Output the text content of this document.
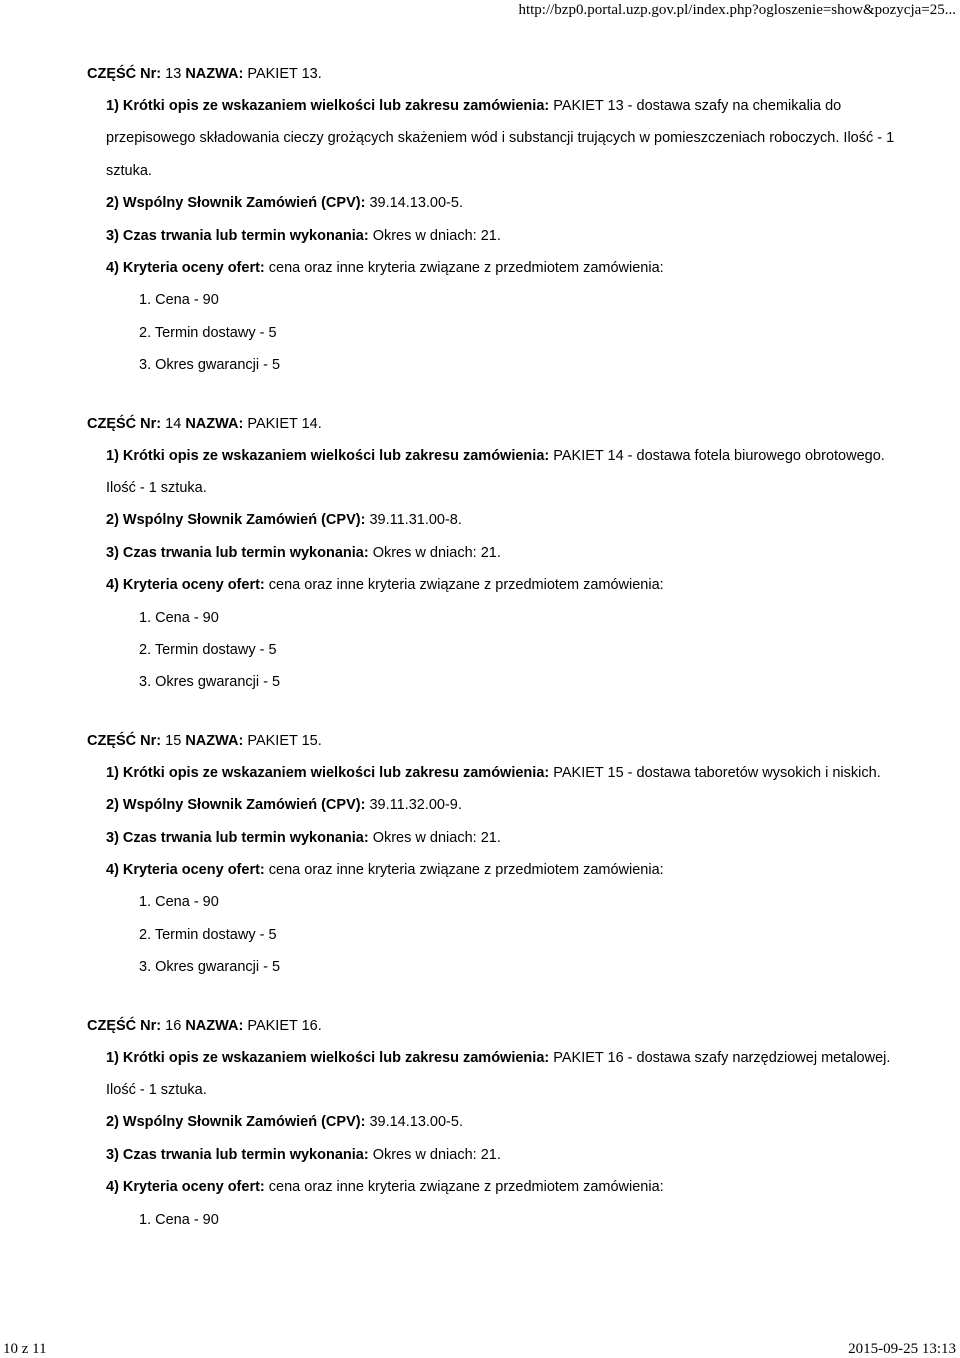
http://bzp0.portal.uzp.gov.pl/index.php?ogloszenie=show&pozycja=25...
CZĘŚĆ Nr: 13 NAZWA: PAKIET 13.
1) Krótki opis ze wskazaniem wielkości lub zakresu zamówienia: PAKIET 13 - dostawa szafy na chemikalia do przepisowego składowania cieczy grożących skażeniem wód i substancji trujących w pomieszczeniach roboczych. Ilość - 1 sztuka.
2) Wspólny Słownik Zamówień (CPV): 39.14.13.00-5.
3) Czas trwania lub termin wykonania: Okres w dniach: 21.
4) Kryteria oceny ofert: cena oraz inne kryteria związane z przedmiotem zamówienia:
1. Cena - 90
2. Termin dostawy - 5
3. Okres gwarancji - 5
CZĘŚĆ Nr: 14 NAZWA: PAKIET 14.
1) Krótki opis ze wskazaniem wielkości lub zakresu zamówienia: PAKIET 14 - dostawa fotela biurowego obrotowego. Ilość - 1 sztuka.
2) Wspólny Słownik Zamówień (CPV): 39.11.31.00-8.
3) Czas trwania lub termin wykonania: Okres w dniach: 21.
4) Kryteria oceny ofert: cena oraz inne kryteria związane z przedmiotem zamówienia:
1. Cena - 90
2. Termin dostawy - 5
3. Okres gwarancji - 5
CZĘŚĆ Nr: 15 NAZWA: PAKIET 15.
1) Krótki opis ze wskazaniem wielkości lub zakresu zamówienia: PAKIET 15 - dostawa taboretów wysokich i niskich.
2) Wspólny Słownik Zamówień (CPV): 39.11.32.00-9.
3) Czas trwania lub termin wykonania: Okres w dniach: 21.
4) Kryteria oceny ofert: cena oraz inne kryteria związane z przedmiotem zamówienia:
1. Cena - 90
2. Termin dostawy - 5
3. Okres gwarancji - 5
CZĘŚĆ Nr: 16 NAZWA: PAKIET 16.
1) Krótki opis ze wskazaniem wielkości lub zakresu zamówienia: PAKIET 16 - dostawa szafy narzędziowej metalowej. Ilość - 1 sztuka.
2) Wspólny Słownik Zamówień (CPV): 39.14.13.00-5.
3) Czas trwania lub termin wykonania: Okres w dniach: 21.
4) Kryteria oceny ofert: cena oraz inne kryteria związane z przedmiotem zamówienia:
1. Cena - 90
10 z 11	2015-09-25 13:13
